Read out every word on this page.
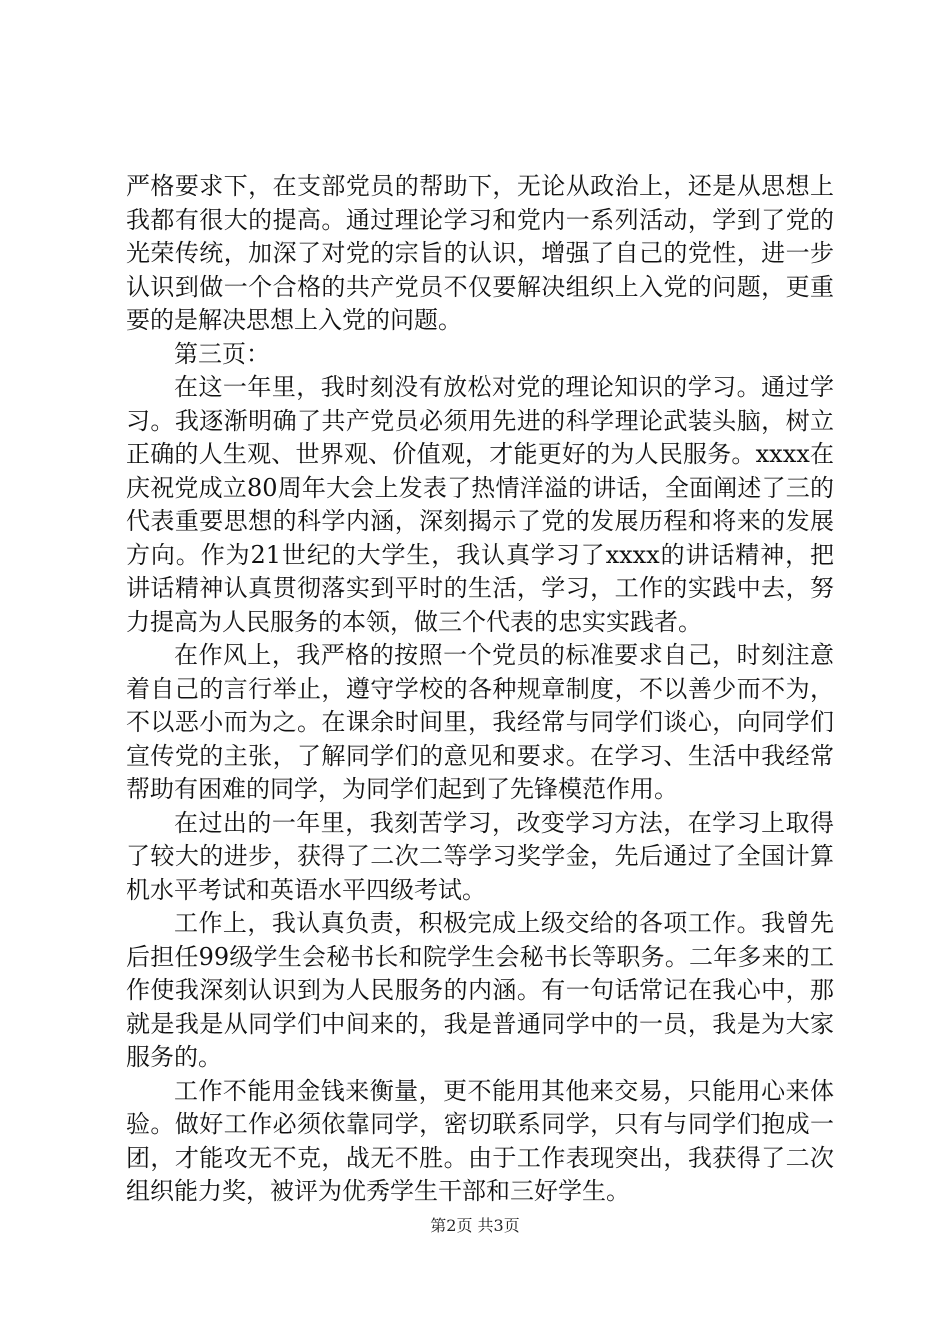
严格要求下，在支部党员的帮助下，无论从政治上，还是从思想上我都有很大的提高。通过理论学习和党内一系列活动，学到了党的光荣传统，加深了对党的宗旨的认识，增强了自己的党性，进一步认识到做一个合格的共产党员不仅要解决组织上入党的问题，更重要的是解决思想上入党的问题。

第三页：

在这一年里，我时刻没有放松对党的理论知识的学习。通过学习。我逐渐明确了共产党员必须用先进的科学理论武装头脑，树立正确的人生观、世界观、价值观，才能更好的为人民服务。xxxx在庆祝党成立80周年大会上发表了热情洋溢的讲话，全面阐述了三的代表重要思想的科学内涵，深刻揭示了党的发展历程和将来的发展方向。作为21世纪的大学生，我认真学习了xxxx的讲话精神，把讲话精神认真贯彻落实到平时的生活，学习，工作的实践中去，努力提高为人民服务的本领，做三个代表的忠实实践者。

在作风上，我严格的按照一个党员的标准要求自己，时刻注意着自己的言行举止，遵守学校的各种规章制度，不以善少而不为，不以恶小而为之。在课余时间里，我经常与同学们谈心，向同学们宣传党的主张，了解同学们的意见和要求。在学习、生活中我经常帮助有困难的同学，为同学们起到了先锋模范作用。

在过出的一年里，我刻苦学习，改变学习方法，在学习上取得了较大的进步，获得了二次二等学习奖学金，先后通过了全国计算机水平考试和英语水平四级考试。

工作上，我认真负责，积极完成上级交给的各项工作。我曾先后担任99级学生会秘书长和院学生会秘书长等职务。二年多来的工作使我深刻认识到为人民服务的内涵。有一句话常记在我心中，那就是我是从同学们中间来的，我是普通同学中的一员，我是为大家服务的。

工作不能用金钱来衡量，更不能用其他来交易，只能用心来体验。做好工作必须依靠同学，密切联系同学，只有与同学们抱成一团，才能攻无不克，战无不胜。由于工作表现突出，我获得了二次组织能力奖，被评为优秀学生干部和三好学生。

第2页 共3页
